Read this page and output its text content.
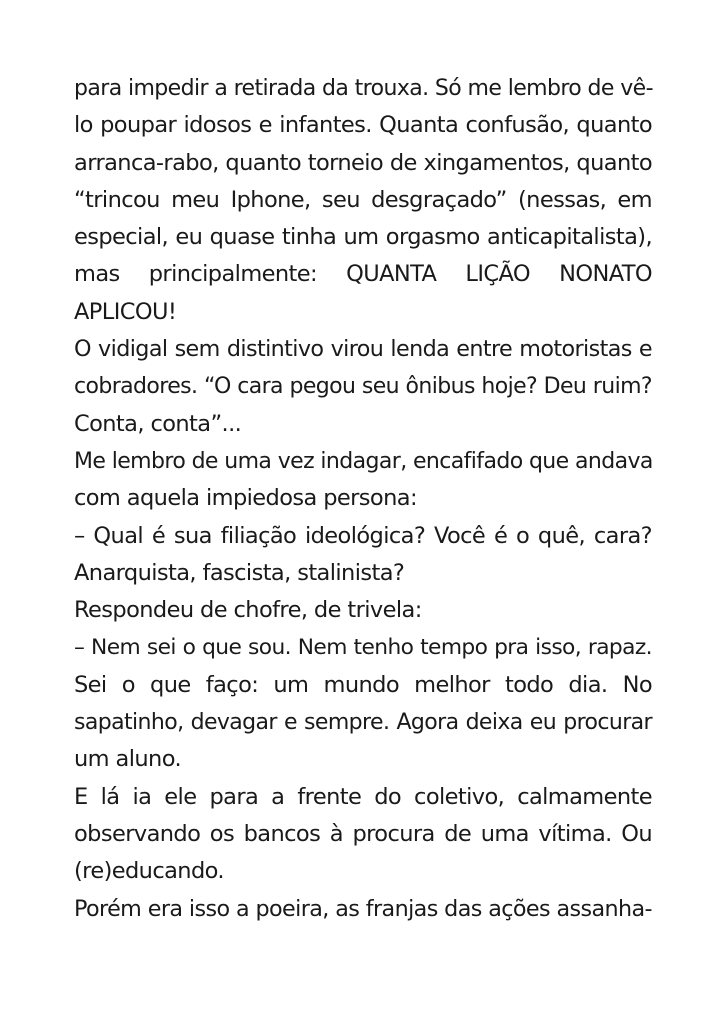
para impedir a retirada da trouxa. Só me lembro de vê-
lo poupar idosos e infantes. Quanta confusão, quanto
arranca-rabo, quanto torneio de xingamentos, quanto
“trincou meu Iphone, seu desgraçado” (nessas, em
especial, eu quase tinha um orgasmo anticapitalista),
mas principalmente: QUANTA LIÇÃO NONATO
APLICOU!
O vidigal sem distintivo virou lenda entre motoristas e
cobradores. “O cara pegou seu ônibus hoje? Deu ruim?
Conta, conta”...
Me lembro de uma vez indagar, encafifado que andava
com aquela impiedosa persona:
– Qual é sua filiação ideológica? Você é o quê, cara?
Anarquista, fascista, stalinista?
Respondeu de chofre, de trivela:
– Nem sei o que sou. Nem tenho tempo pra isso, rapaz.
Sei o que faço: um mundo melhor todo dia. No
sapatinho, devagar e sempre. Agora deixa eu procurar
um aluno.
E lá ia ele para a frente do coletivo, calmamente
observando os bancos à procura de uma vítima. Ou
(re)educando.
Porém era isso a poeira, as franjas das ações assanha-
